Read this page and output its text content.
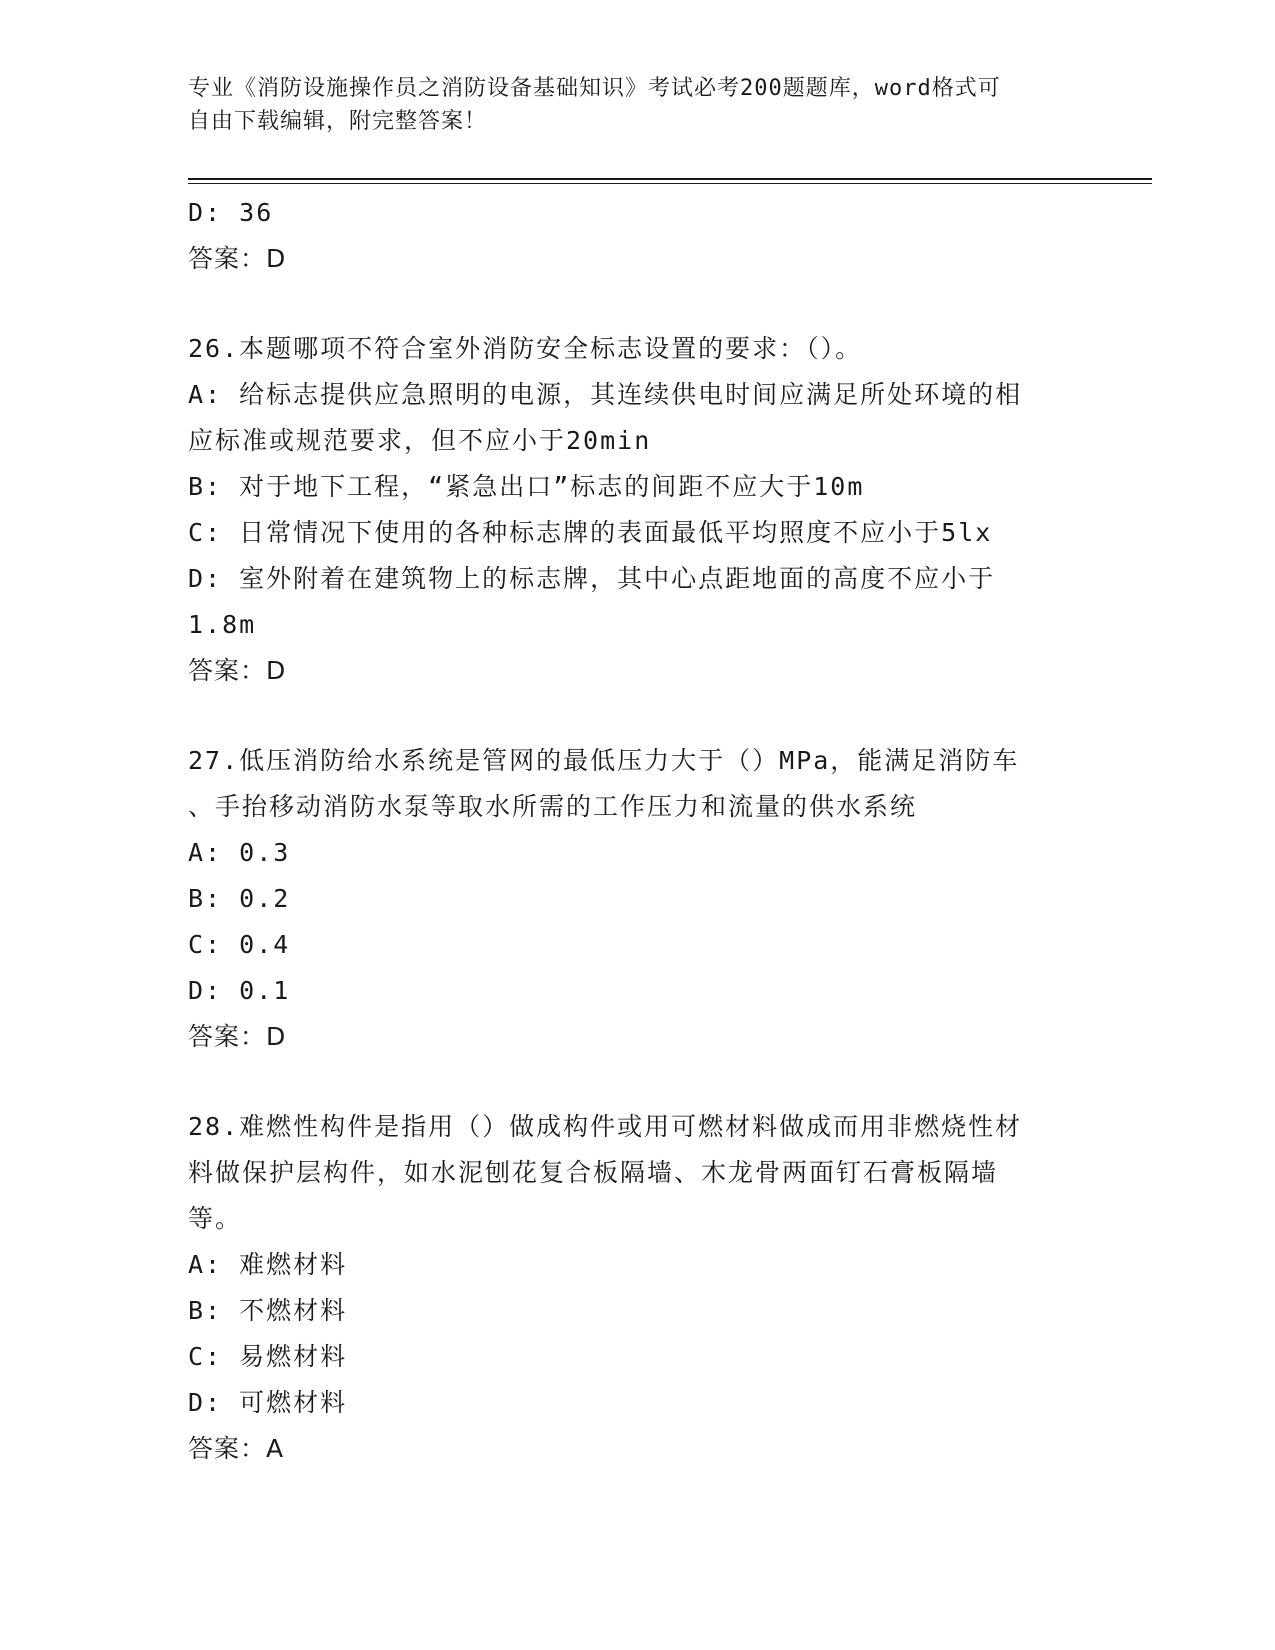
专业《消防设施操作员之消防设备基础知识》考试必考200题题库，word格式可
自由下载编辑，附完整答案！
D: 36
答案：D
26.本题哪项不符合室外消防安全标志设置的要求：（）。
A: 给标志提供应急照明的电源，其连续供电时间应满足所处环境的相
应标准或规范要求，但不应小于20min
B: 对于地下工程，“紧急出口”标志的间距不应大于10m
C: 日常情况下使用的各种标志牌的表面最低平均照度不应小于5lx
D: 室外附着在建筑物上的标志牌，其中心点距地面的高度不应小于
1.8m
答案：D
27.低压消防给水系统是管网的最低压力大于（）MPa，能满足消防车
、手抬移动消防水泵等取水所需的工作压力和流量的供水系统
A: 0.3
B: 0.2
C: 0.4
D: 0.1
答案：D
28.难燃性构件是指用（）做成构件或用可燃材料做成而用非燃烧性材
料做保护层构件，如水泥刨花复合板隔墙、木龙骨两面钉石膏板隔墙
等。
A: 难燃材料
B: 不燃材料
C: 易燃材料
D: 可燃材料
答案：A
